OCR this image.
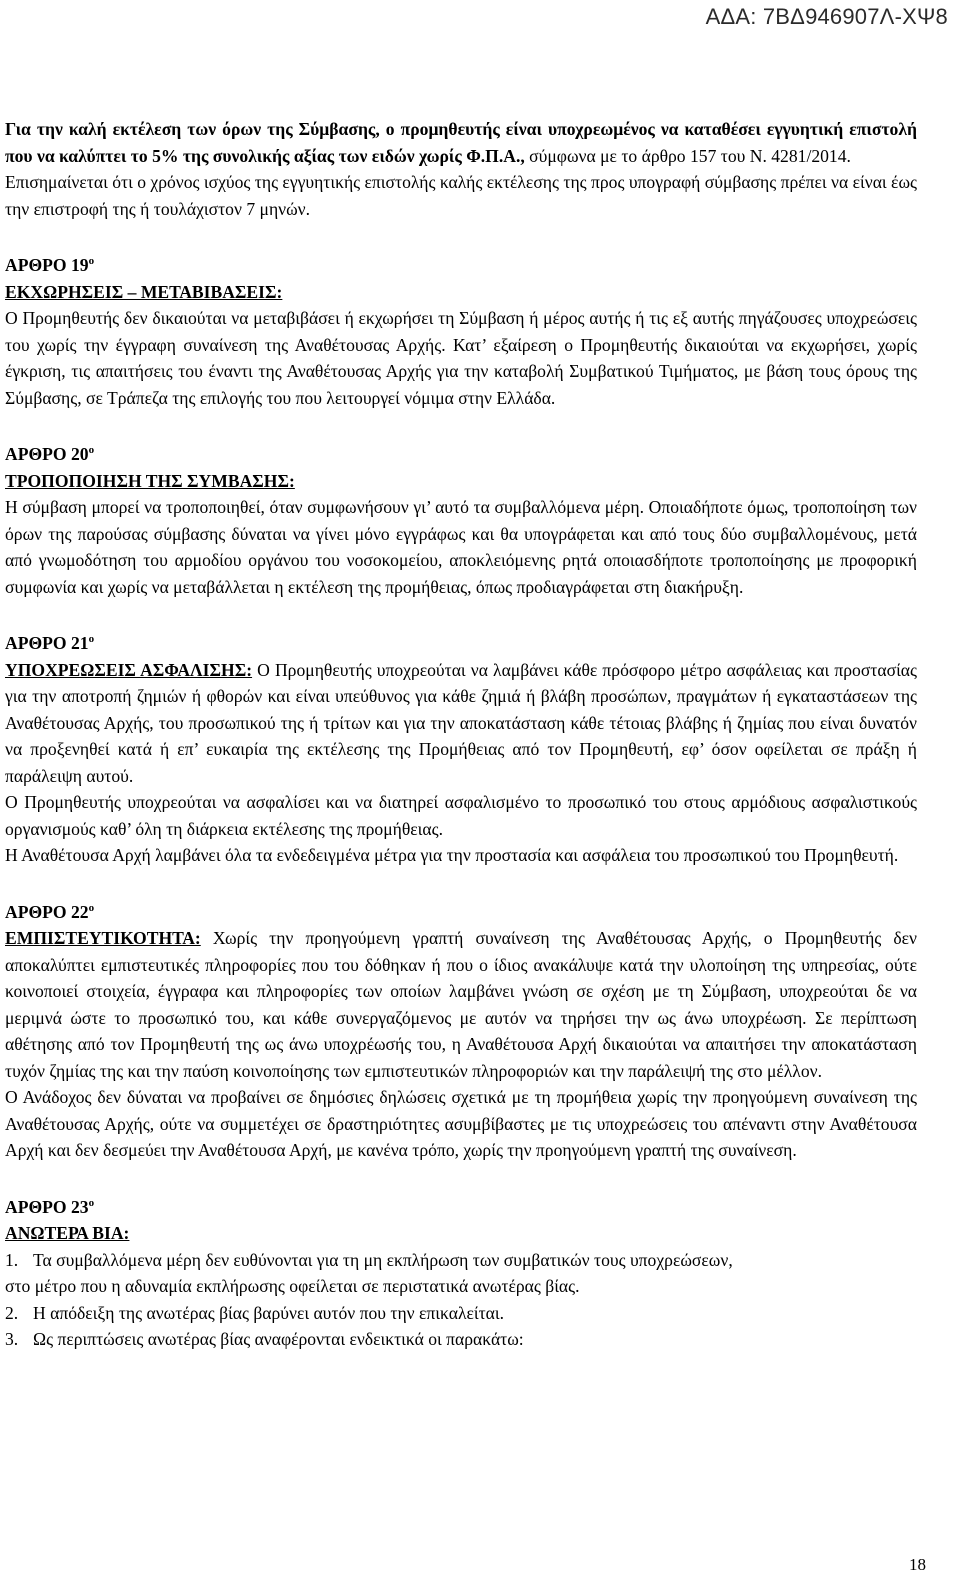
ΑΔΑ: 7ΒΔ946907Λ-ΧΨ8

Για την καλή εκτέλεση των όρων της Σύμβασης, ο προμηθευτής είναι υποχρεωμένος να καταθέσει εγγυητική επιστολή που να καλύπτει το 5% της συνολικής αξίας των ειδών χωρίς Φ.Π.Α., σύμφωνα με το άρθρο 157 του Ν. 4281/2014.

Επισημαίνεται ότι ο χρόνος ισχύος της εγγυητικής επιστολής καλής εκτέλεσης της προς υπογραφή σύμβασης πρέπει να είναι έως την επιστροφή της ή τουλάχιστον 7 μηνών.

ΑΡΘΡΟ $19^o$
ΕΚΧΩΡΗΣΕΙΣ – ΜΕΤΑΒΙΒΑΣΕΙΣ:

Ο Προμηθευτής δεν δικαιούται να μεταβιβάσει ή εκχωρήσει τη Σύμβαση ή μέρος αυτής ή τις εξ αυτής πηγάζουσες υποχρεώσεις του χωρίς την έγγραφη συναίνεση της Αναθέτουσας Αρχής. Κατ’ εξαίρεση ο Προμηθευτής δικαιούται να εκχωρήσει, χωρίς έγκριση, τις απαιτήσεις του έναντι της Αναθέτουσας Αρχής για την καταβολή Συμβατικού Τιμήματος, με βάση τους όρους της Σύμβασης, σε Τράπεζα της επιλογής του που λειτουργεί νόμιμα στην Ελλάδα.

ΑΡΘΡΟ $20^o$
ΤΡΟΠΟΠΟΙΗΣΗ ΤΗΣ ΣΥΜΒΑΣΗΣ:

Η σύμβαση μπορεί να τροποποιηθεί, όταν συμφωνήσουν γι’ αυτό τα συμβαλλόμενα μέρη. Οποιαδήποτε όμως, τροποποίηση των όρων της παρούσας σύμβασης δύναται να γίνει μόνο εγγράφως και θα υπογράφεται και από τους δύο συμβαλλομένους, μετά από γνωμοδότηση του αρμοδίου οργάνου του νοσοκομείου, αποκλειόμενης ρητά οποιασδήποτε τροποποίησης με προφορική συμφωνία και χωρίς να μεταβάλλεται η εκτέλεση της προμήθειας, όπως προδιαγράφεται στη διακήρυξη.

ΑΡΘΡΟ $21^o$

ΥΠΟΧΡΕΩΣΕΙΣ ΑΣΦΑΛΙΣΗΣ: Ο Προμηθευτής υποχρεούται να λαμβάνει κάθε πρόσφορο μέτρο ασφάλειας και προστασίας για την αποτροπή ζημιών ή φθορών και είναι υπεύθυνος για κάθε ζημιά ή βλάβη προσώπων, πραγμάτων ή εγκαταστάσεων της Αναθέτουσας Αρχής, του προσωπικού της ή τρίτων και για την αποκατάσταση κάθε τέτοιας βλάβης ή ζημίας που είναι δυνατόν να προξενηθεί κατά ή επ’ ευκαιρία της εκτέλεσης της Προμήθειας από τον Προμηθευτή, εφ’ όσον οφείλεται σε πράξη ή παράλειψη αυτού.

Ο Προμηθευτής υποχρεούται να ασφαλίσει και να διατηρεί ασφαλισμένο το προσωπικό του στους αρμόδιους ασφαλιστικούς οργανισμούς καθ’ όλη τη διάρκεια εκτέλεσης της προμήθειας.

Η Αναθέτουσα Αρχή λαμβάνει όλα τα ενδεδειγμένα μέτρα για την προστασία και ασφάλεια του προσωπικού του Προμηθευτή.

ΑΡΘΡΟ $22^o$

ΕΜΠΙΣΤΕΥΤΙΚΟΤΗΤΑ: Χωρίς την προηγούμενη γραπτή συναίνεση της Αναθέτουσας Αρχής, ο Προμηθευτής δεν αποκαλύπτει εμπιστευτικές πληροφορίες που του δόθηκαν ή που ο ίδιος ανακάλυψε κατά την υλοποίηση της υπηρεσίας, ούτε κοινοποιεί στοιχεία, έγγραφα και πληροφορίες των οποίων λαμβάνει γνώση σε σχέση με τη Σύμβαση, υποχρεούται δε να μεριμνά ώστε το προσωπικό του, και κάθε συνεργαζόμενος με αυτόν να τηρήσει την ως άνω υποχρέωση. Σε περίπτωση αθέτησης από τον Προμηθευτή της ως άνω υποχρέωσής του, η Αναθέτουσα Αρχή δικαιούται να απαιτήσει την αποκατάσταση τυχόν ζημίας της και την παύση κοινοποίησης των εμπιστευτικών πληροφοριών και την παράλειψή της στο μέλλον.

Ο Ανάδοχος δεν δύναται να προβαίνει σε δημόσιες δηλώσεις σχετικά με τη προμήθεια χωρίς την προηγούμενη συναίνεση της Αναθέτουσας Αρχής, ούτε να συμμετέχει σε δραστηριότητες ασυμβίβαστες με τις υποχρεώσεις του απέναντι στην Αναθέτουσα Αρχή και δεν δεσμεύει την Αναθέτουσα Αρχή, με κανένα τρόπο, χωρίς την προηγούμενη γραπτή της συναίνεση.

ΑΡΘΡΟ $23^o$
ΑΝΩΤΕΡΑ ΒΙΑ:

1. Τα συμβαλλόμενα μέρη δεν ευθύνονται για τη μη εκπλήρωση των συμβατικών τους υποχρεώσεων,

στο μέτρο που η αδυναμία εκπλήρωσης οφείλεται σε περιστατικά ανωτέρας βίας.

2. Η απόδειξη της ανωτέρας βίας βαρύνει αυτόν που την επικαλείται.

3. Ως περιπτώσεις ανωτέρας βίας αναφέρονται ενδεικτικά οι παρακάτω:

18
